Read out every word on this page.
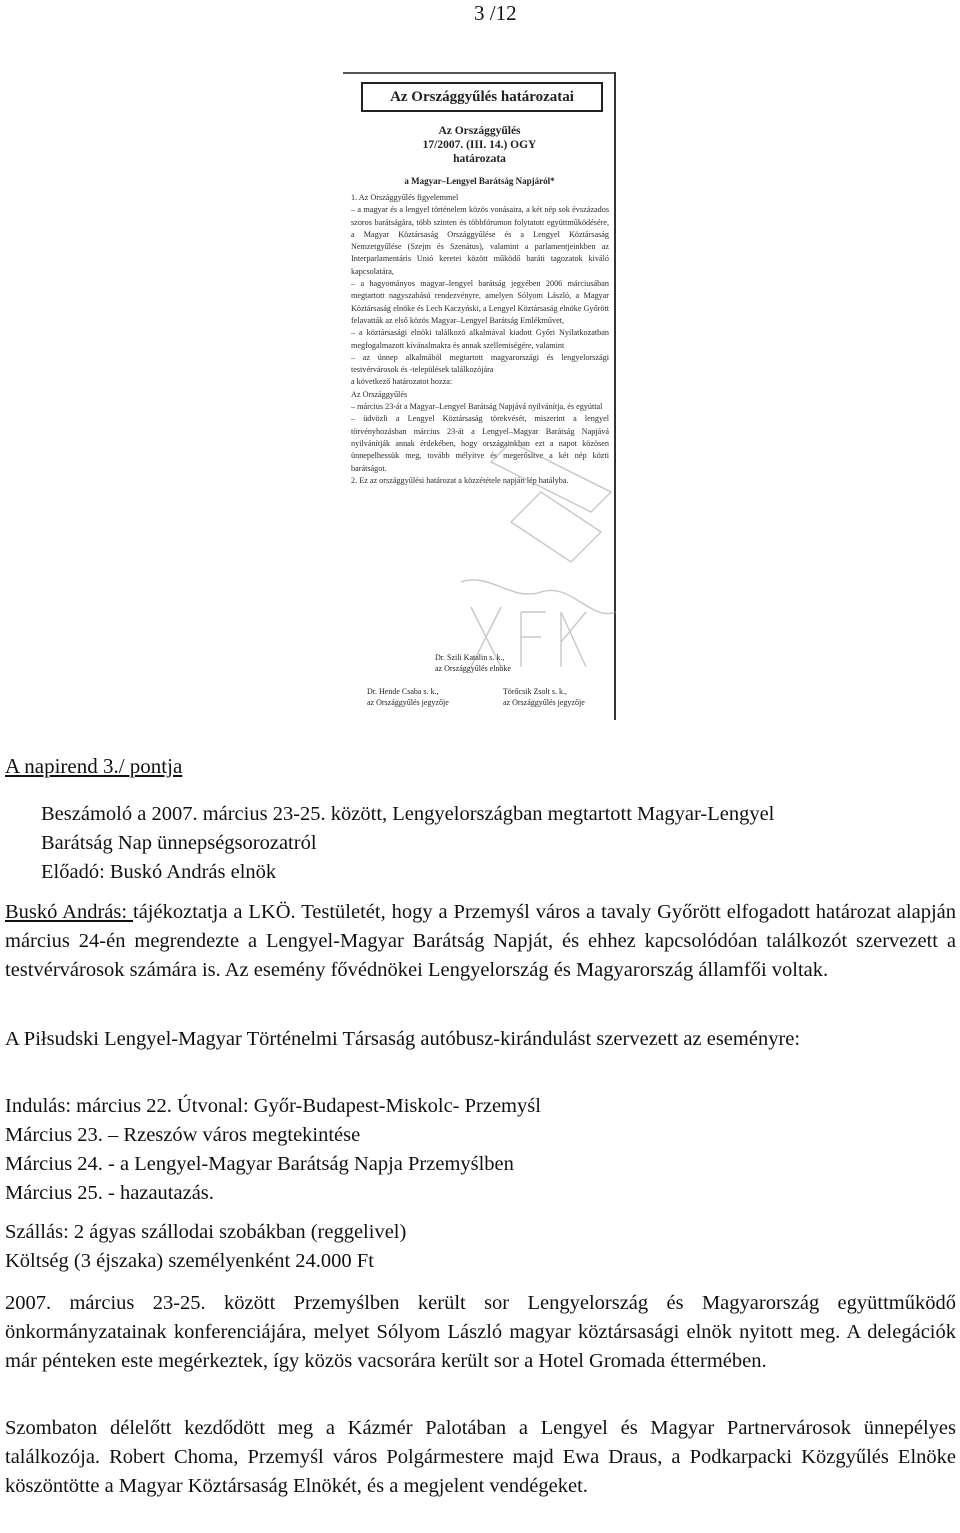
3 /12
Az Országgyűlés határozatai
Az Országgyűlés
17/2007. (III. 14.) OGY
határozata
a Magyar–Lengyel Barátság Napjáról*
1. Az Országgyűlés figyelemmel
– a magyar és a lengyel történelem közös vonásaira, a két nép sok évszázados szoros barátságára, több szinten és többfórumon folytatott együttműködésére, a Magyar Köztársaság Országgyűlése és a Lengyel Köztársaság Nemzetgyűlése (Szejm és Szenátus), valamint a parlamentjeinkben az Interparlamentáris Unió keretei között működő baráti tagozatok kiváló kapcsolatára,
– a hagyományos magyar–lengyel barátság jegyében 2006 márciusában megtartott nagyszabású rendezvényre, amelyen Sólyom László, a Magyar Köztársaság elnöke és Lech Kaczyński, a Lengyel Köztársaság elnöke Győrött felavatták az első közös Magyar–Lengyel Barátság Emlékművet,
– a köztársasági elnöki találkozó alkalmával kiadott Győri Nyilatkozatban megfogalmazott kívánalmakra és annak szellemiségére, valamint
– az ünnep alkalmából megtartott magyarországi és lengyelországi testvérvárosok és -települések találkozójára
a következő határozatot hozza:
Az Országgyűlés
– március 23-át a Magyar–Lengyel Barátság Napjává nyilvánítja, és egyúttal
– üdvözli a Lengyel Köztársaság törekvését, miszerint a lengyel törvényhozásban március 23-át a Lengyel–Magyar Barátság Napjává nyilvánítják annak érdekében, hogy országainkban ezt a napot közösen ünnepelhessük meg, tovább mélyítve és megerősítve a két nép közti barátságot.
2. Ez az országgyűlési határozat a közzététele napján lép hatályba.
Dr. Szili Katalin s. k.,
az Országgyűlés elnöke
Dr. Hende Csaba s. k.,
az Országgyűlés jegyzője
Törőcsik Zsolt s. k.,
az Országgyűlés jegyzője
A napirend 3./ pontja
Beszámoló a 2007. március 23-25. között, Lengyelországban megtartott Magyar-Lengyel
Barátság Nap ünnepségsorozatról
Előadó: Buskó András elnök

Buskó András: tájékoztatja a LKÖ. Testületét, hogy a Przemyśl város a tavaly Győrött elfogadott határozat alapján március 24-én megrendezte a Lengyel-Magyar Barátság Napját, és ehhez kapcsolódóan találkozót szervezett a testvérvárosok számára is. Az esemény fővédnökei Lengyelország és Magyarország államfői voltak.

A Piłsudski Lengyel-Magyar Történelmi Társaság autóbusz-kirándulást szervezett az eseményre:

Indulás: március 22. Útvonal: Győr-Budapest-Miskolc- Przemyśl
Március 23. – Rzeszów város megtekintése
Március 24. - a Lengyel-Magyar Barátság Napja Przemyślben
Március 25. - hazautazás.
Szállás: 2 ágyas szállodai szobákban (reggelivel)
Költség (3 éjszaka) személyenként 24.000 Ft

2007. március 23-25. között Przemyślben került sor Lengyelország és Magyarország együttműködő önkormányzatainak konferenciájára, melyet Sólyom László magyar köztársasági elnök nyitott meg. A delegációk már pénteken este megérkeztek, így közös vacsorára került sor a Hotel Gromada éttermében.

Szombaton délelőtt kezdődött meg a Kázmér Palotában a Lengyel és Magyar Partnervárosok ünnepélyes találkozója. Robert Choma, Przemyśl város Polgármestere majd Ewa Draus, a Podkarpacki Közgyűlés Elnöke köszöntötte a Magyar Köztársaság Elnökét, és a megjelent vendégeket.
